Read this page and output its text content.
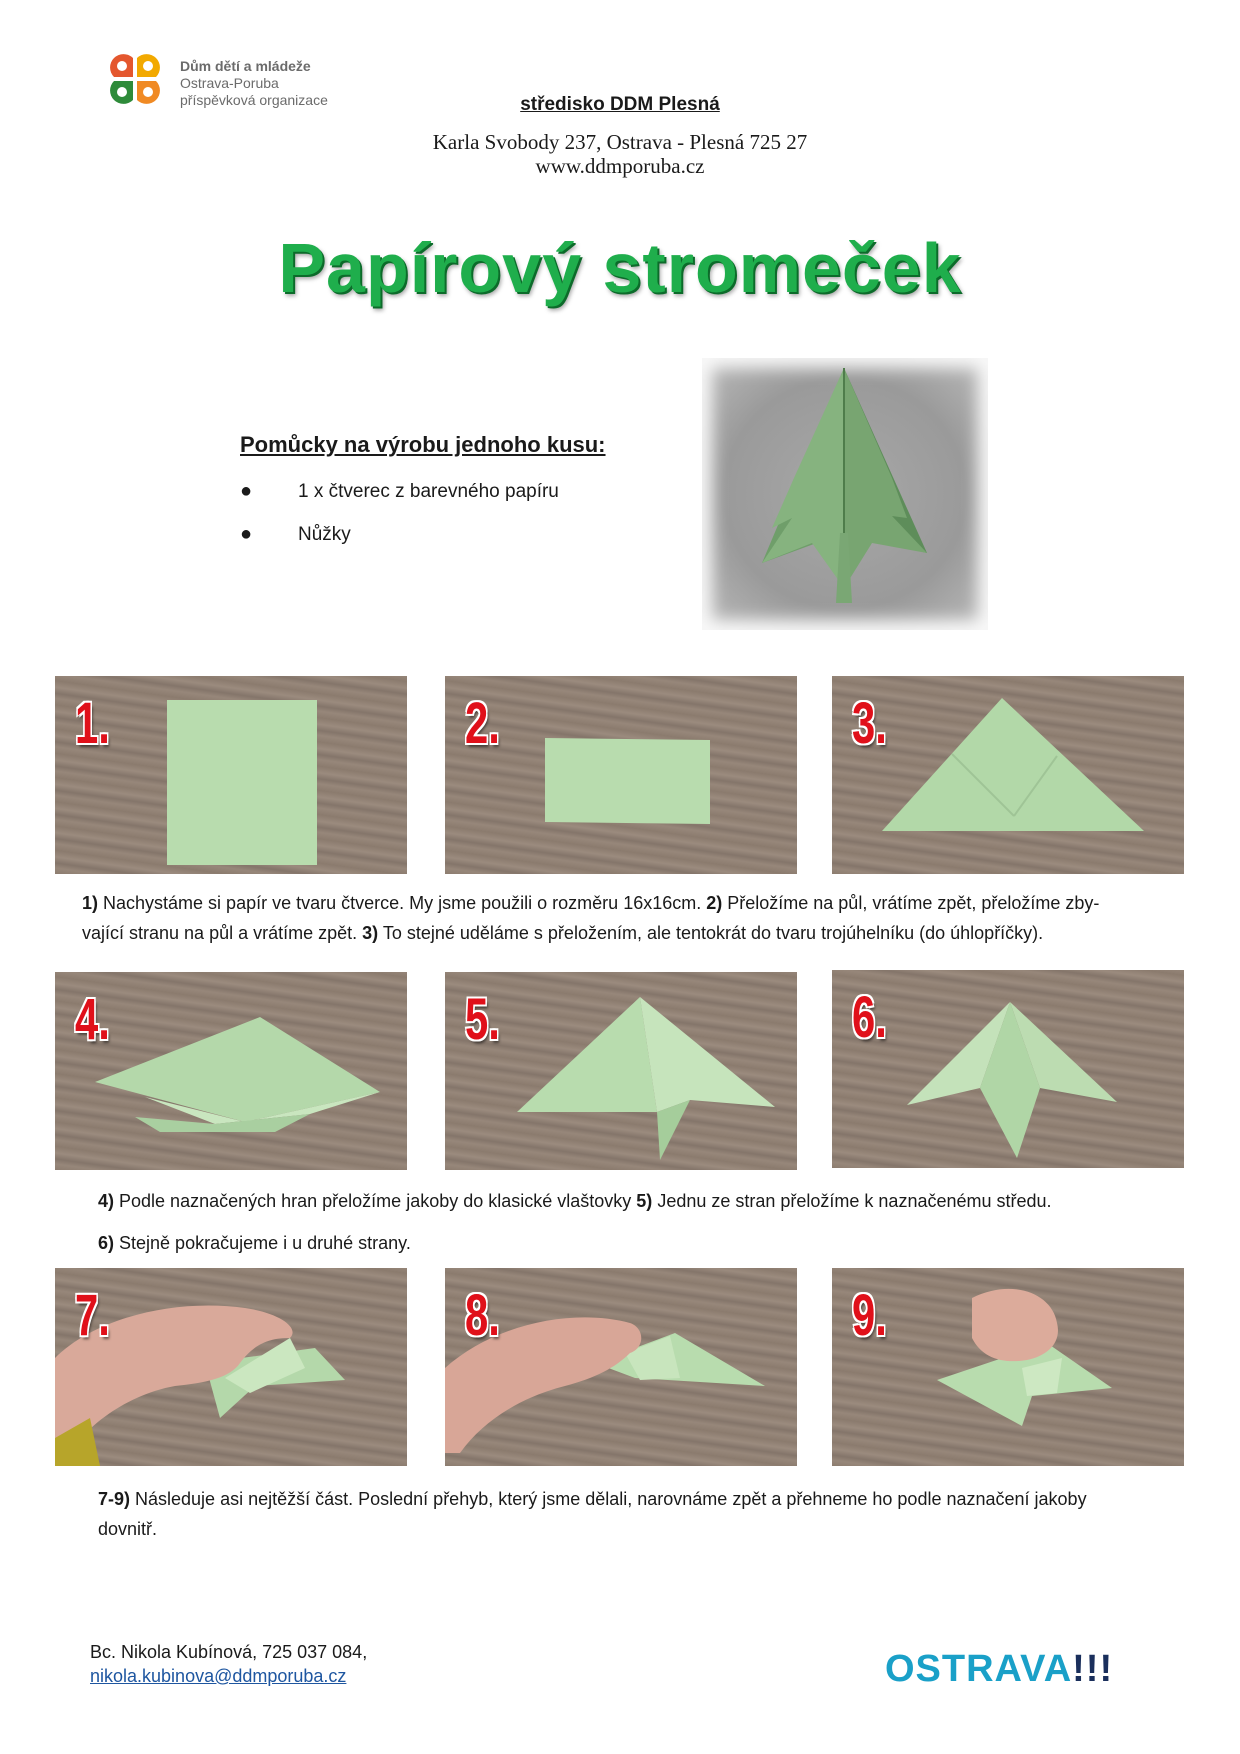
Dům dětí a mládeže
Ostrava-Poruba
příspěvková organizace	středisko DDM Plesná
Karla Svobody 237, Ostrava - Plesná 725 27
www.ddmporuba.cz
Papírový stromeček
Pomůcky na výrobu jednoho kusu:
● 1 x čtverec z barevného papíru
● Nůžky
1.	2.	3.
1) Nachystáme si papír ve tvaru čtverce. My jsme použili o rozměru 16x16cm. 2) Přeložíme na půl, vrátíme zpět, přeložíme zby-
vající stranu na půl a vrátíme zpět. 3) To stejné uděláme s přeložením, ale tentokrát do tvaru trojúhelníku (do úhlopříčky).
4.	5.	6.
4) Podle naznačených hran přeložíme jakoby do klasické vlaštovky 5) Jednu ze stran přeložíme k naznačenému středu.
6) Stejně pokračujeme i u druhé strany.
7.	8.	9.
7-9) Následuje asi nejtěžší část. Poslední přehyb, který jsme dělali, narovnáme zpět a přehneme ho podle naznačení jakoby
dovnitř.
Bc. Nikola Kubínová, 725 037 084,
nikola.kubinova@ddmporuba.cz	OSTRAVA!!!
